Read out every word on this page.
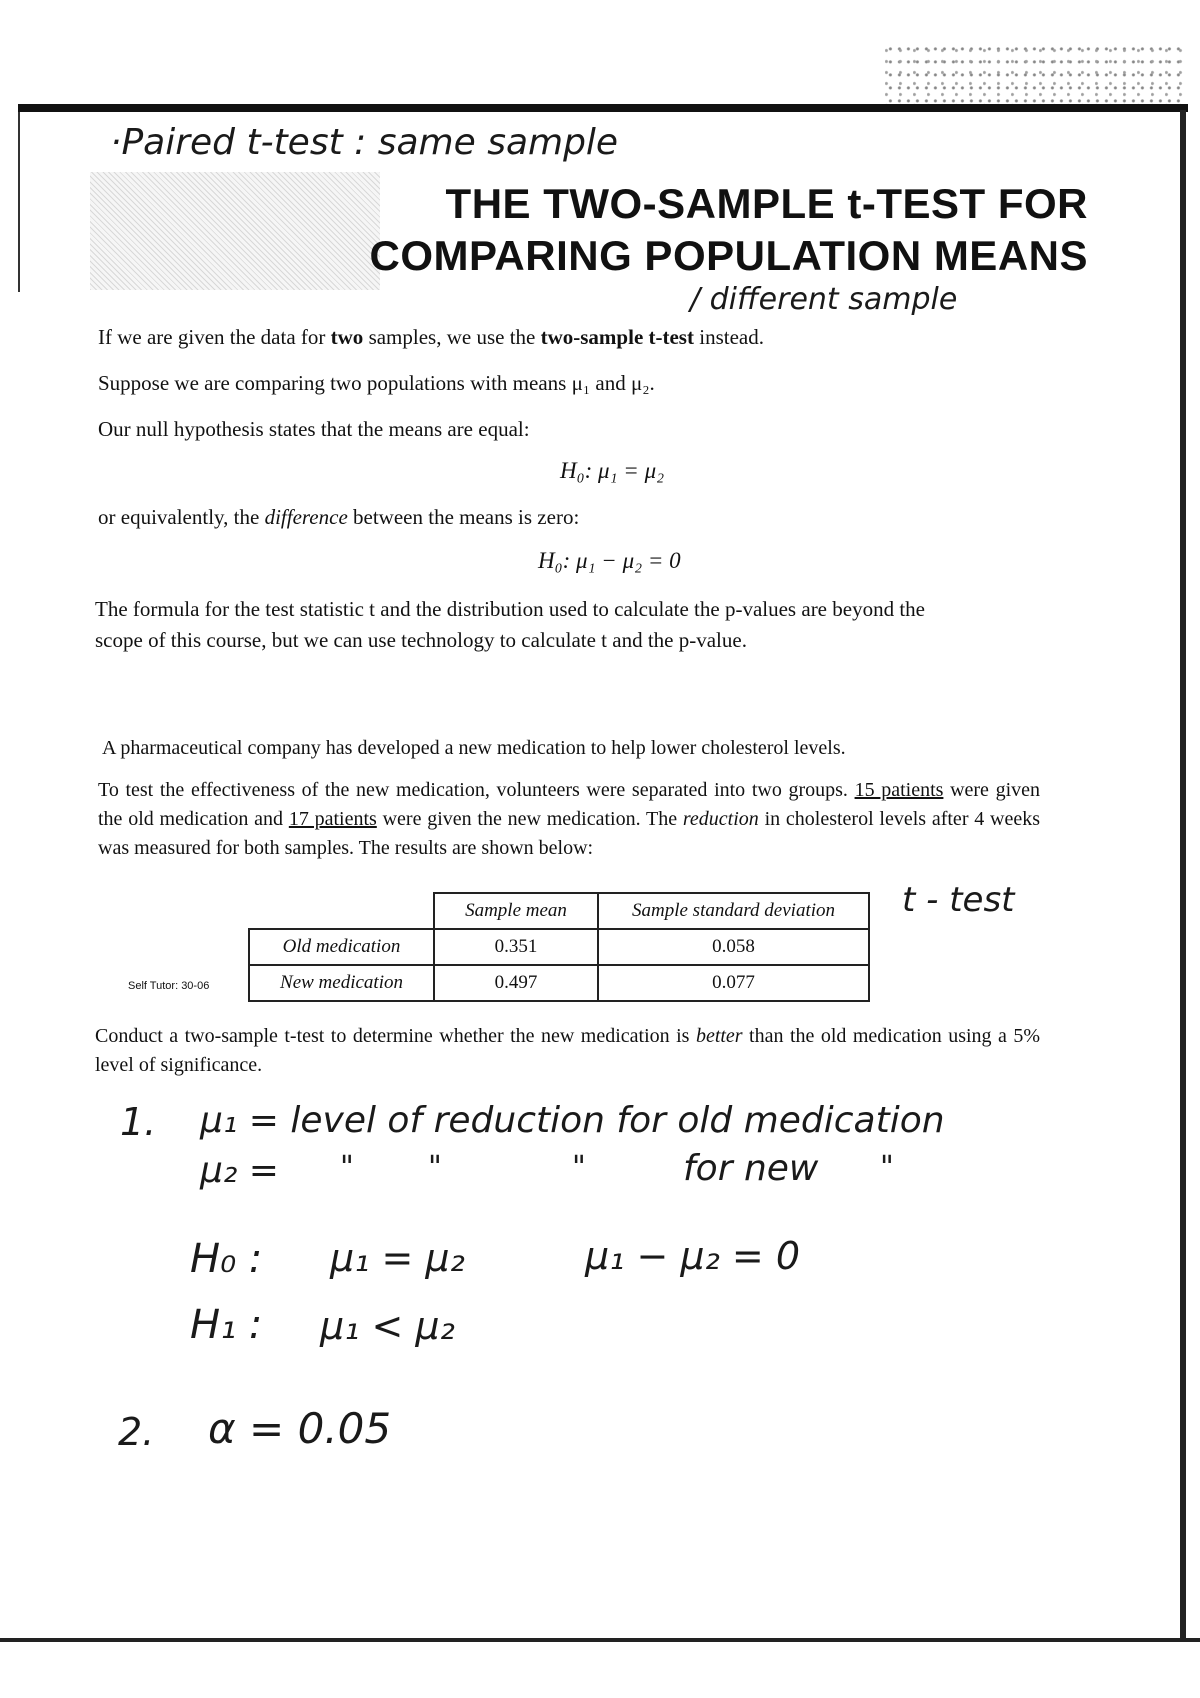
·Paired t-test : same sample
THE TWO-SAMPLE t-TEST FOR
COMPARING POPULATION MEANS
/ different sample
If we are given the data for two samples, we use the two-sample t-test instead.
Suppose we are comparing two populations with means μ₁ and μ₂.
Our null hypothesis states that the means are equal:
H₀: μ₁ = μ₂
or equivalently, the difference between the means is zero:
H₀: μ₁ − μ₂ = 0
The formula for the test statistic t and the distribution used to calculate the p-values are beyond the scope of this course, but we can use technology to calculate t and the p-value.
A pharmaceutical company has developed a new medication to help lower cholesterol levels.
To test the effectiveness of the new medication, volunteers were separated into two groups. 15 patients were given the old medication and 17 patients were given the new medication. The reduction in cholesterol levels after 4 weeks was measured for both samples. The results are shown below:
	Sample mean	Sample standard deviation
Old medication	0.351	0.058
New medication	0.497	0.077
Self Tutor: 30-06
t - test
Conduct a two-sample t-test to determine whether the new medication is better than the old medication using a 5% level of significance.
1. μ₁ = level of reduction for old medication
μ₂ = " "	"	for new "
H₀ : μ₁ = μ₂	μ₁ − μ₂ = 0
H₁ : μ₁ < μ₂
2. α = 0.05
